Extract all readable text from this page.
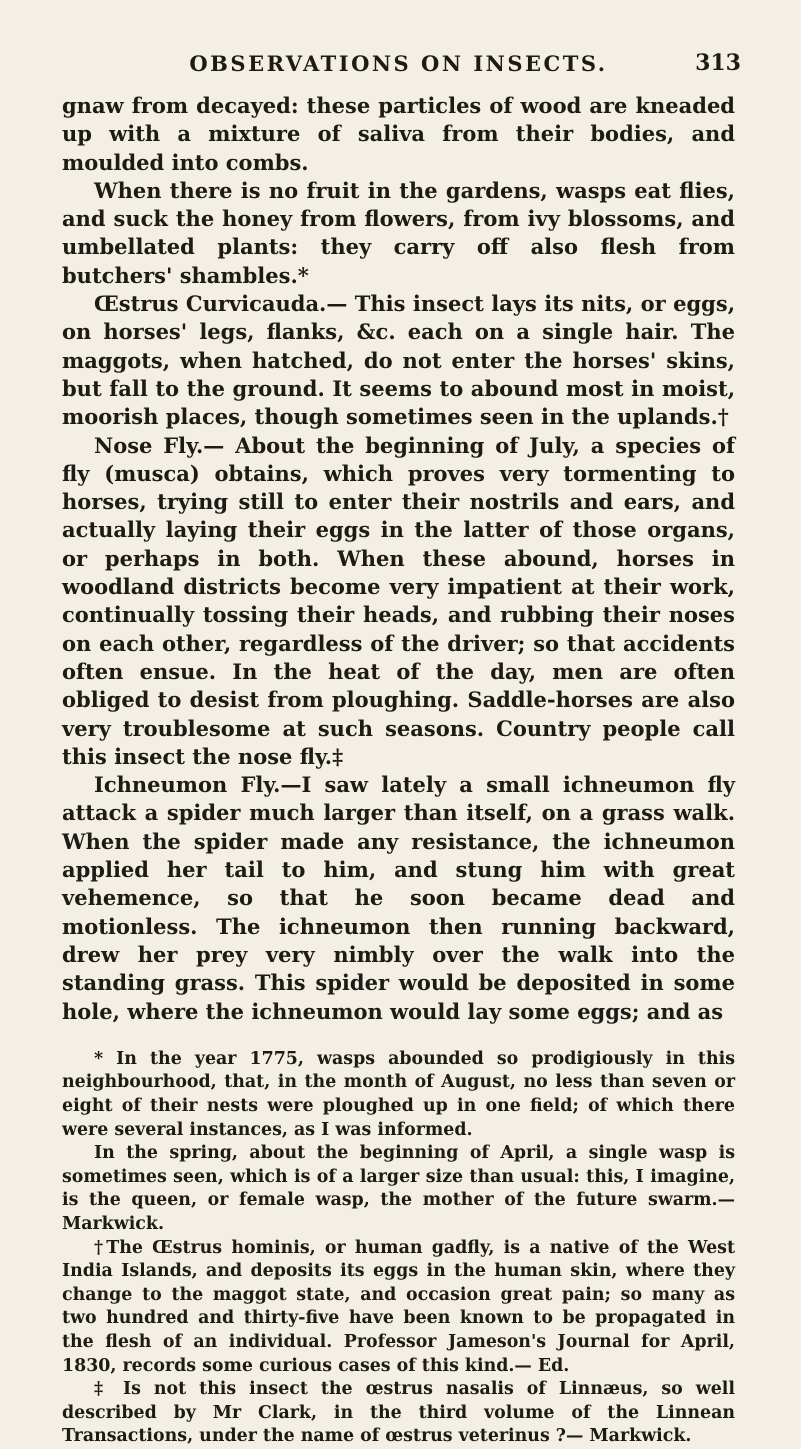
OBSERVATIONS ON INSECTS.	313

gnaw from decayed: these particles of wood are kneaded up with a mixture of saliva from their bodies, and moulded into combs.

When there is no fruit in the gardens, wasps eat flies, and suck the honey from flowers, from ivy blossoms, and umbellated plants: they carry off also flesh from butchers' shambles.*

Œstrus Curvicauda.— This insect lays its nits, or eggs, on horses' legs, flanks, &c. each on a single hair. The maggots, when hatched, do not enter the horses' skins, but fall to the ground. It seems to abound most in moist, moorish places, though sometimes seen in the uplands.†

Nose Fly.— About the beginning of July, a species of fly (musca) obtains, which proves very tormenting to horses, trying still to enter their nostrils and ears, and actually laying their eggs in the latter of those organs, or perhaps in both. When these abound, horses in woodland districts become very impatient at their work, continually tossing their heads, and rubbing their noses on each other, regardless of the driver; so that accidents often ensue. In the heat of the day, men are often obliged to desist from ploughing. Saddle-horses are also very troublesome at such seasons. Country people call this insect the nose fly.‡

Ichneumon Fly.—I saw lately a small ichneumon fly attack a spider much larger than itself, on a grass walk. When the spider made any resistance, the ichneumon applied her tail to him, and stung him with great vehemence, so that he soon became dead and motionless. The ichneumon then running backward, drew her prey very nimbly over the walk into the standing grass. This spider would be deposited in some hole, where the ichneumon would lay some eggs; and as

* In the year 1775, wasps abounded so prodigiously in this neighbourhood, that, in the month of August, no less than seven or eight of their nests were ploughed up in one field; of which there were several instances, as I was informed.

In the spring, about the beginning of April, a single wasp is sometimes seen, which is of a larger size than usual: this, I imagine, is the queen, or female wasp, the mother of the future swarm.— Markwick.

†The Œstrus hominis, or human gadfly, is a native of the West India Islands, and deposits its eggs in the human skin, where they change to the maggot state, and occasion great pain; so many as two hundred and thirty-five have been known to be propagated in the flesh of an individual. Professor Jameson's Journal for April, 1830, records some curious cases of this kind.— Ed.

‡ Is not this insect the œstrus nasalis of Linnæus, so well described by Mr Clark, in the third volume of the Linnean Transactions, under the name of œstrus veterinus ?— Markwick.
